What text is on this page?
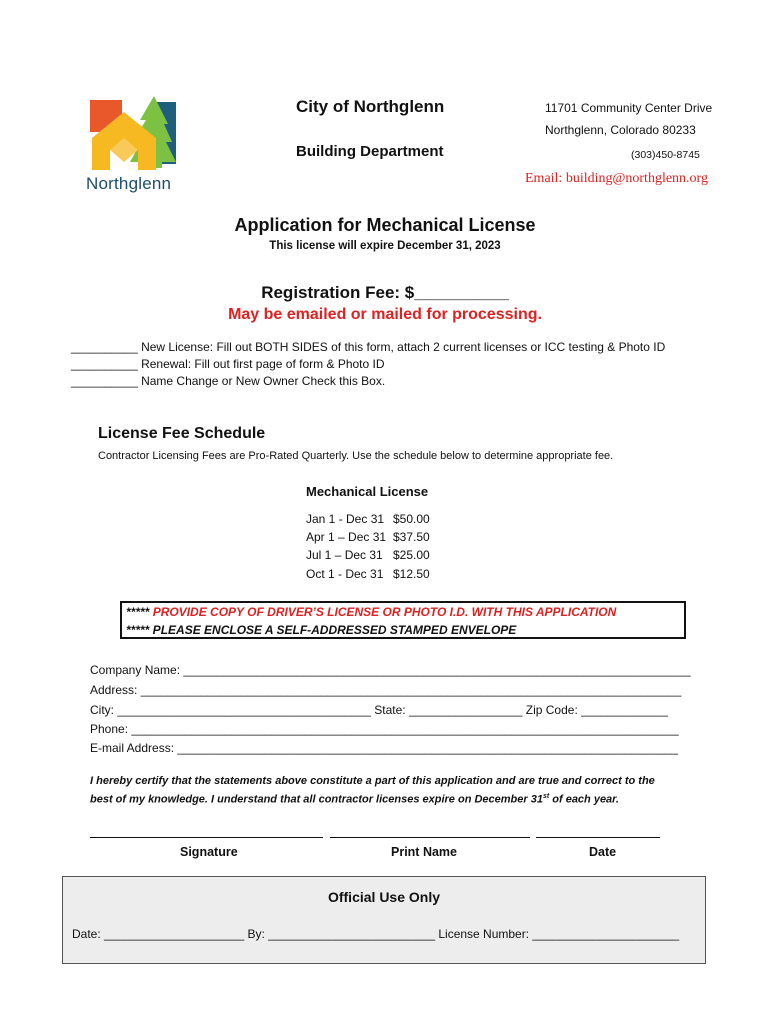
Northglenn
City of Northglenn
Building Department
11701 Community Center Drive
Northglenn, Colorado 80233
(303)450-8745
Email: building@northglenn.org
Application for Mechanical License
This license will expire December 31, 2023
Registration Fee: $__________
May be emailed or mailed for processing.
__________ New License: Fill out BOTH SIDES of this form, attach 2 current licenses or ICC testing & Photo ID
__________ Renewal: Fill out first page of form & Photo ID
__________ Name Change or New Owner Check this Box.
License Fee Schedule
Contractor Licensing Fees are Pro-Rated Quarterly. Use the schedule below to determine appropriate fee.
Mechanical License
Jan 1 - Dec 31 $50.00
Apr 1 – Dec 31 $37.50
Jul 1 – Dec 31 $25.00
Oct 1 - Dec 31 $12.50
***** PROVIDE COPY OF DRIVER’S LICENSE OR PHOTO I.D. WITH THIS APPLICATION
***** PLEASE ENCLOSE A SELF-ADDRESSED STAMPED ENVELOPE
Company Name: ____________________________________________________________________________
Address: _________________________________________________________________________________
City: ______________________________________ State: _________________ Zip Code: _____________
Phone: __________________________________________________________________________________
E-mail Address: ___________________________________________________________________________
I hereby certify that the statements above constitute a part of this application and are true and correct to the
best of my knowledge. I understand that all contractor licenses expire on December 31st of each year.
Signature	Print Name	Date
Official Use Only
Date: _____________________ By: _________________________ License Number: ______________________
